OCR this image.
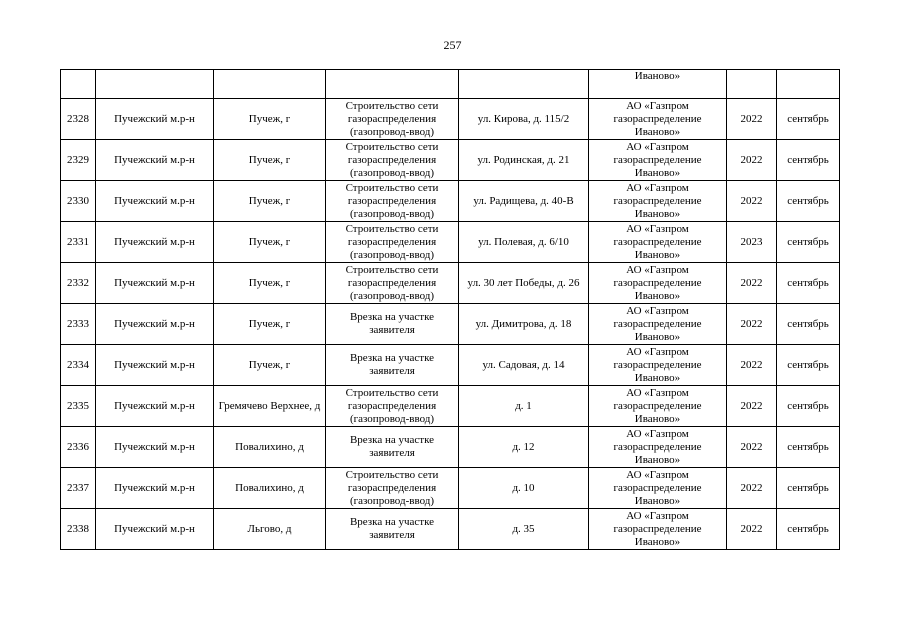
257
					Иваново»		
2328	Пучежский м.р-н	Пучеж, г	Строительство сети газораспределения (газопровод-ввод)	ул. Кирова, д. 115/2	АО «Газпром газораспределение Иваново»	2022	сентябрь
2329	Пучежский м.р-н	Пучеж, г	Строительство сети газораспределения (газопровод-ввод)	ул. Родинская, д. 21	АО «Газпром газораспределение Иваново»	2022	сентябрь
2330	Пучежский м.р-н	Пучеж, г	Строительство сети газораспределения (газопровод-ввод)	ул. Радищева, д. 40-В	АО «Газпром газораспределение Иваново»	2022	сентябрь
2331	Пучежский м.р-н	Пучеж, г	Строительство сети газораспределения (газопровод-ввод)	ул. Полевая, д. 6/10	АО «Газпром газораспределение Иваново»	2023	сентябрь
2332	Пучежский м.р-н	Пучеж, г	Строительство сети газораспределения (газопровод-ввод)	ул. 30 лет Победы, д. 26	АО «Газпром газораспределение Иваново»	2022	сентябрь
2333	Пучежский м.р-н	Пучеж, г	Врезка на участке заявителя	ул. Димитрова, д. 18	АО «Газпром газораспределение Иваново»	2022	сентябрь
2334	Пучежский м.р-н	Пучеж, г	Врезка на участке заявителя	ул. Садовая, д. 14	АО «Газпром газораспределение Иваново»	2022	сентябрь
2335	Пучежский м.р-н	Гремячево Верхнее, д	Строительство сети газораспределения (газопровод-ввод)	д. 1	АО «Газпром газораспределение Иваново»	2022	сентябрь
2336	Пучежский м.р-н	Повалихино, д	Врезка на участке заявителя	д. 12	АО «Газпром газораспределение Иваново»	2022	сентябрь
2337	Пучежский м.р-н	Повалихино, д	Строительство сети газораспределения (газопровод-ввод)	д. 10	АО «Газпром газораспределение Иваново»	2022	сентябрь
2338	Пучежский м.р-н	Льгово, д	Врезка на участке заявителя	д. 35	АО «Газпром газораспределение Иваново»	2022	сентябрь
